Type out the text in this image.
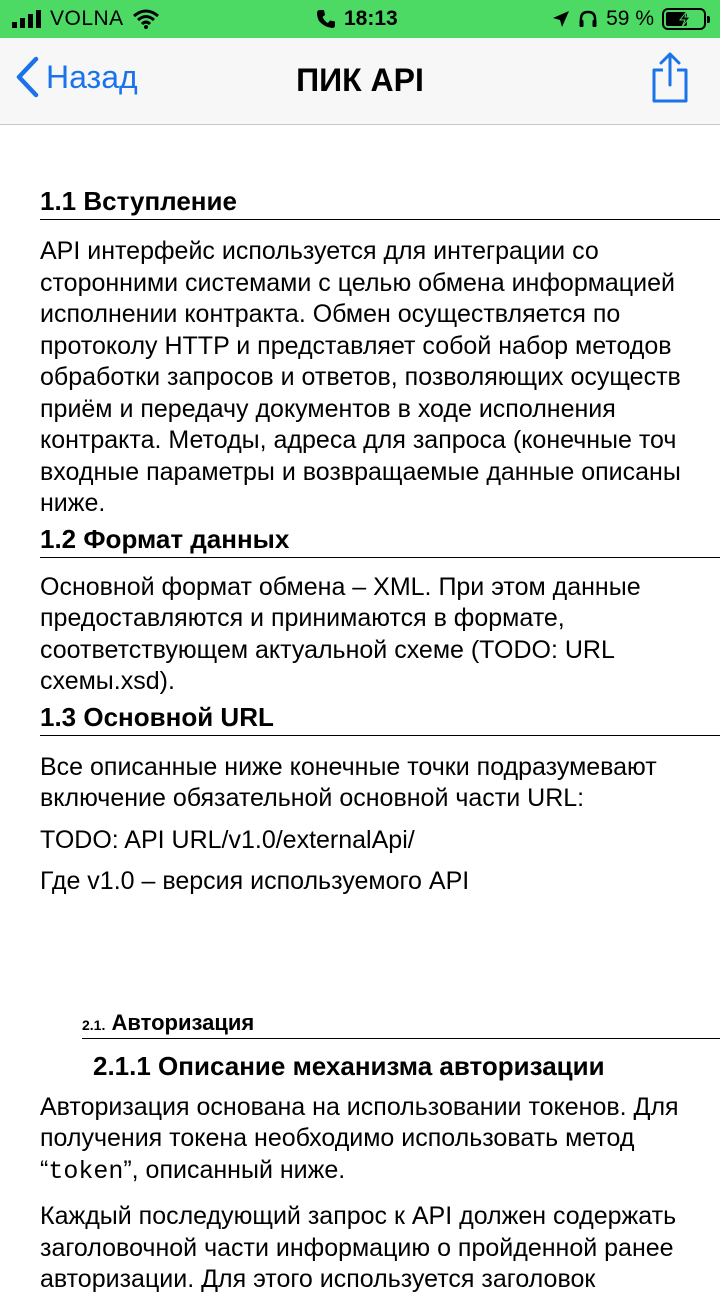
VOLNA	18:13	59 %
Назад	ПИК API
1.1 Вступление

API интерфейс используется для интеграции со

сторонними системами с целью обмена информацией

исполнении контракта. Обмен осуществляется по

протоколу HTTP и представляет собой набор методов

обработки запросов и ответов, позволяющих осуществ

приём и передачу документов в ходе исполнения

контракта. Методы, адреса для запроса (конечные точ

входные параметры и возвращаемые данные описаны

ниже.

1.2 Формат данных

Основной формат обмена – XML. При этом данные

предоставляются и принимаются в формате,

соответствующем актуальной схеме (TODO: URL

схемы.xsd).

1.3 Основной URL

Все описанные ниже конечные точки подразумевают

включение обязательной основной части URL:

TODO: API URL/v1.0/externalApi/

Где v1.0 – версия используемого API

2.1. Авторизация
2.1.1 Описание механизма авторизации

Авторизация основана на использовании токенов. Для

получения токена необходимо использовать метод

“token”, описанный ниже.

Каждый последующий запрос к API должен содержать

заголовочной части информацию о пройденной ранее

авторизации. Для этого используется заголовок
